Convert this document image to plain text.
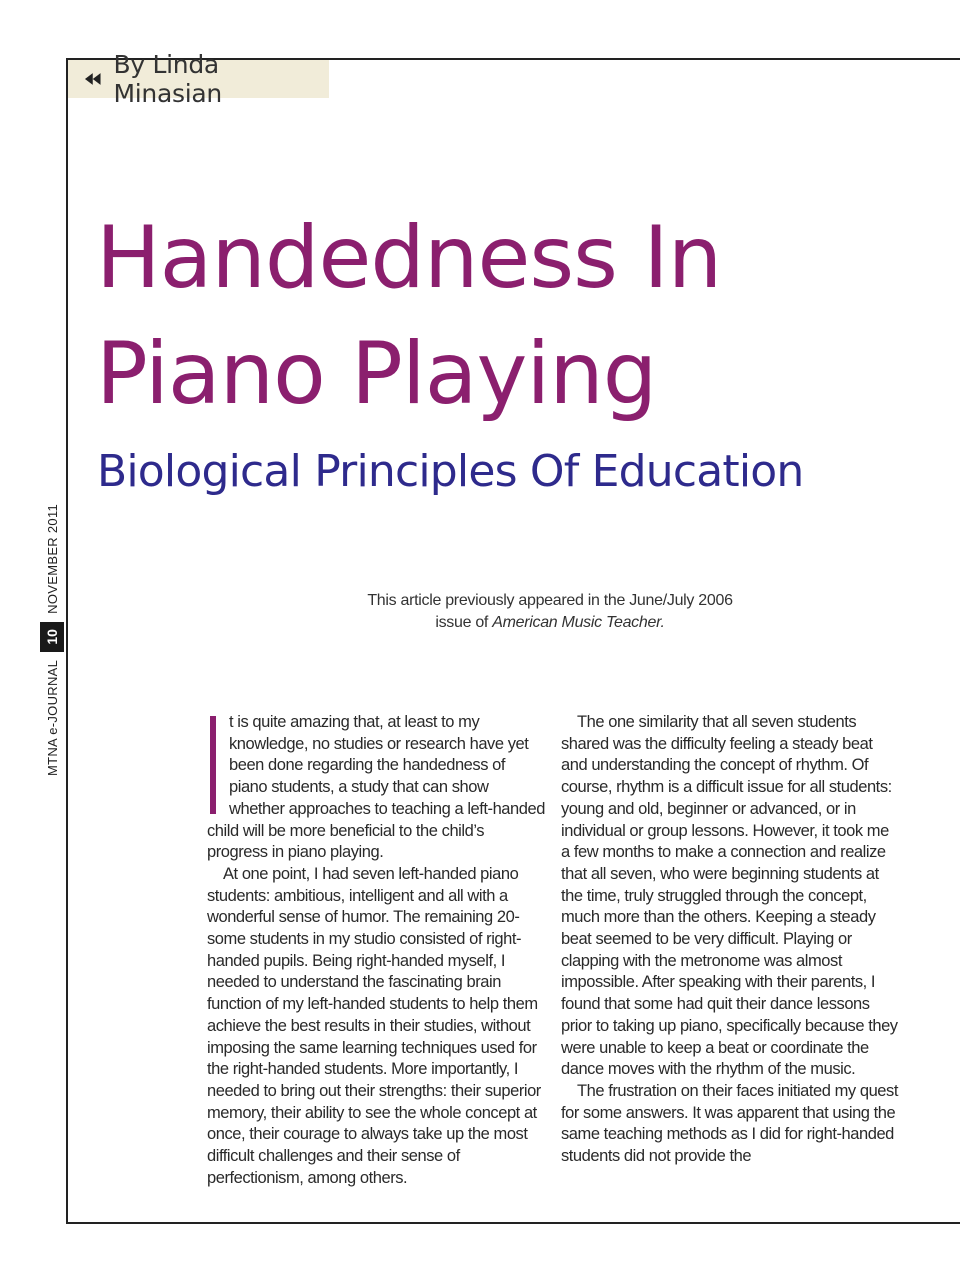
By Linda Minasian
Handedness In
Piano Playing
Biological Principles Of Education
MTNA e-JOURNAL
10
NOVEMBER 2011	This article previously appeared in the June/July 2006
issue of American Music Teacher.

t is quite amazing that, at least to my knowledge, no studies or research have yet been done regarding the handedness of piano students, a study that can show whether approaches to teaching a left-handed child will be more beneficial to the child’s progress in piano playing.

At one point, I had seven left-handed piano students: ambitious, intelligent and all with a wonderful sense of humor. The remaining 20-some students in my studio consisted of right-handed pupils. Being right-handed myself, I needed to understand the fascinating brain function of my left-handed students to help them achieve the best results in their studies, without imposing the same learning techniques used for the right-handed students. More importantly, I needed to bring out their strengths: their superior memory, their ability to see the whole concept at once, their courage to always take up the most difficult challenges and their sense of perfectionism, among others.

The one similarity that all seven students shared was the difficulty feeling a steady beat and understanding the concept of rhythm. Of course, rhythm is a difficult issue for all students: young and old, beginner or advanced, or in individual or group lessons. However, it took me a few months to make a connection and realize that all seven, who were beginning students at the time, truly struggled through the concept, much more than the others. Keeping a steady beat seemed to be very difficult. Playing or clapping with the metronome was almost impossible. After speaking with their parents, I found that some had quit their dance lessons prior to taking up piano, specifically because they were unable to keep a beat or coordinate the dance moves with the rhythm of the music.

The frustration on their faces initiated my quest for some answers. It was apparent that using the same teaching methods as I did for right-handed students did not provide the
